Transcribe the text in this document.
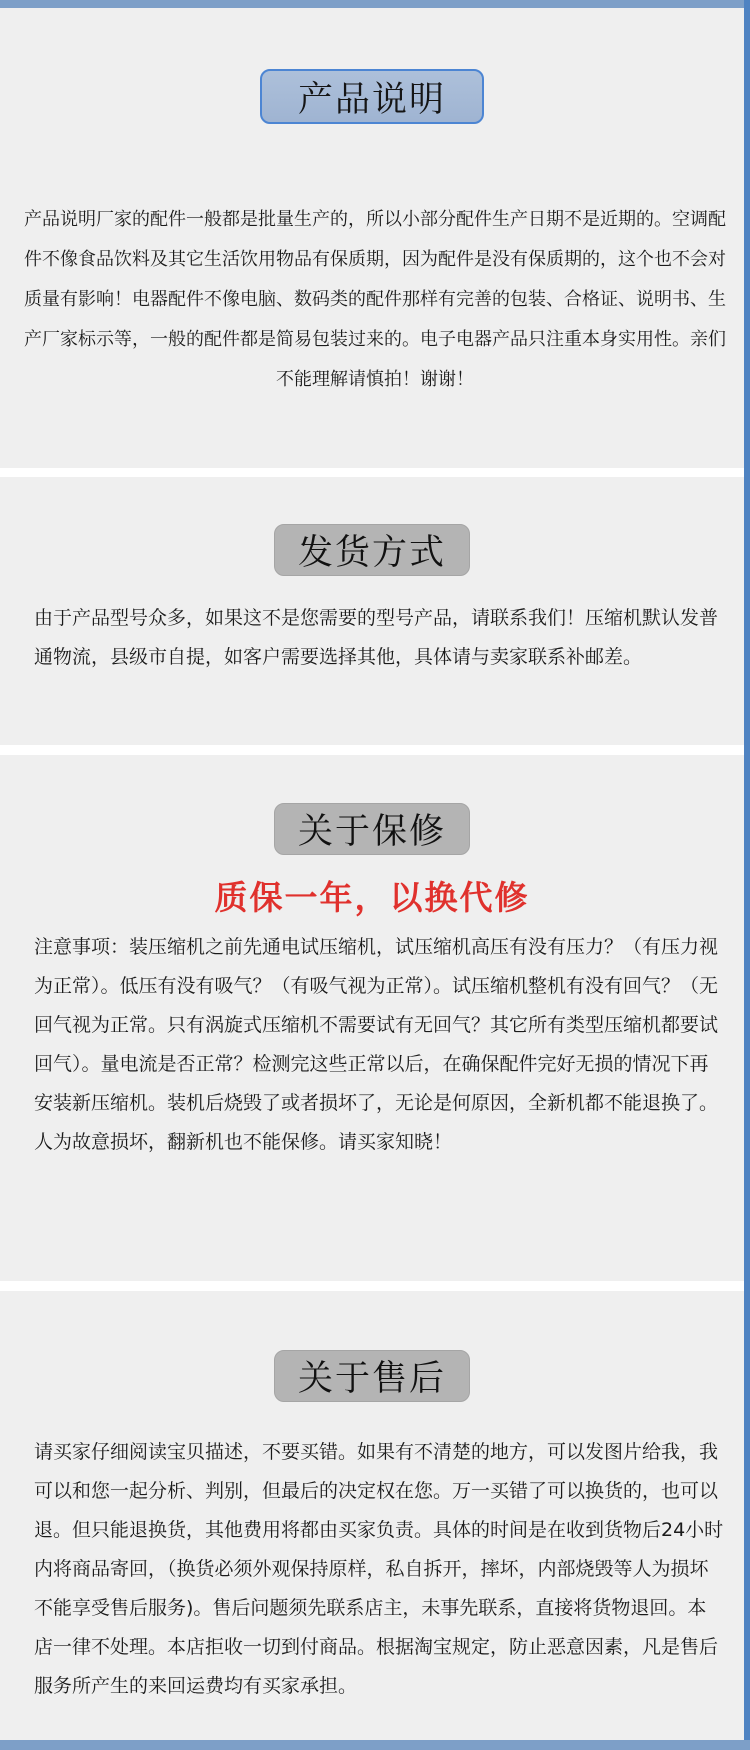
产品说明
产品说明厂家的配件一般都是批量生产的，所以小部分配件生产日期不是近期的。空调配件不像食品饮料及其它生活饮用物品有保质期，因为配件是没有保质期的，这个也不会对质量有影响！电器配件不像电脑、数码类的配件那样有完善的包装、合格证、说明书、生产厂家标示等，一般的配件都是简易包装过来的。电子电器产品只注重本身实用性。亲们不能理解请慎拍！谢谢！
发货方式
由于产品型号众多，如果这不是您需要的型号产品，请联系我们！压缩机默认发普通物流，县级市自提，如客户需要选择其他，具体请与卖家联系补邮差。
关于保修
质保一年，以换代修
注意事项：装压缩机之前先通电试压缩机，试压缩机高压有没有压力？（有压力视为正常）。低压有没有吸气？（有吸气视为正常）。试压缩机整机有没有回气？（无回气视为正常。只有涡旋式压缩机不需要试有无回气？其它所有类型压缩机都要试回气）。量电流是否正常？检测完这些正常以后，在确保配件完好无损的情况下再安装新压缩机。装机后烧毁了或者损坏了，无论是何原因，全新机都不能退换了。人为故意损坏，翻新机也不能保修。请买家知晓！
关于售后
请买家仔细阅读宝贝描述，不要买错。如果有不清楚的地方，可以发图片给我，我可以和您一起分析、判别，但最后的决定权在您。万一买错了可以换货的，也可以退。但只能退换货，其他费用将都由买家负责。具体的时间是在收到货物后24小时内将商品寄回，（换货必须外观保持原样，私自拆开，摔坏，内部烧毁等人为损坏不能享受售后服务)。售后问题须先联系店主，未事先联系，直接将货物退回。本店一律不处理。本店拒收一切到付商品。根据淘宝规定，防止恶意因素，凡是售后服务所产生的来回运费均有买家承担。
